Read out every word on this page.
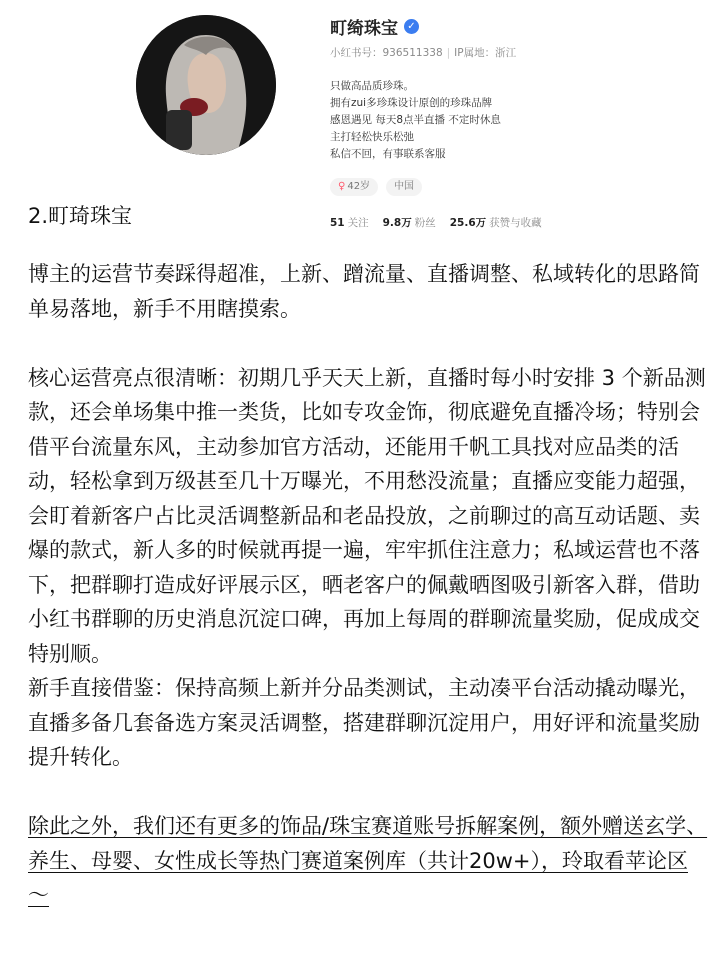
町绮珠宝 ✓
小红书号：936511338 | IP属地：浙江
只做高品质珍珠。
拥有zui多珍珠设计原创的珍珠品牌
感恩遇见 每天8点半直播 不定时休息
主打轻松快乐松弛
私信不回，有事联系客服
♀ 42岁	中国
51 关注 9.8万 粉丝 25.6万 获赞与收藏
2.町琦珠宝

博主的运营节奏踩得超准，上新、蹭流量、直播调整、私域转化的思路简单易落地，新手不用瞎摸索。

核心运营亮点很清晰：初期几乎天天上新，直播时每小时安排 3 个新品测款，还会单场集中推一类货，比如专攻金饰，彻底避免直播冷场；特别会借平台流量东风，主动参加官方活动，还能用千帆工具找对应品类的活动，轻松拿到万级甚至几十万曝光，不用愁没流量；直播应变能力超强，会盯着新客户占比灵活调整新品和老品投放，之前聊过的高互动话题、卖爆的款式，新人多的时候就再提一遍，牢牢抓住注意力；私域运营也不落下，把群聊打造成好评展示区，晒老客户的佩戴晒图吸引新客入群，借助小红书群聊的历史消息沉淀口碑，再加上每周的群聊流量奖励，促成成交特别顺。

新手直接借鉴：保持高频上新并分品类测试，主动凑平台活动撬动曝光，直播多备几套备选方案灵活调整，搭建群聊沉淀用户，用好评和流量奖励提升转化。

除此之外，我们还有更多的饰品/珠宝赛道账号拆解案例，额外赠送玄学、养生、母婴、女性成长等热门赛道案例库（共计20w+），玲取看苹论区～
